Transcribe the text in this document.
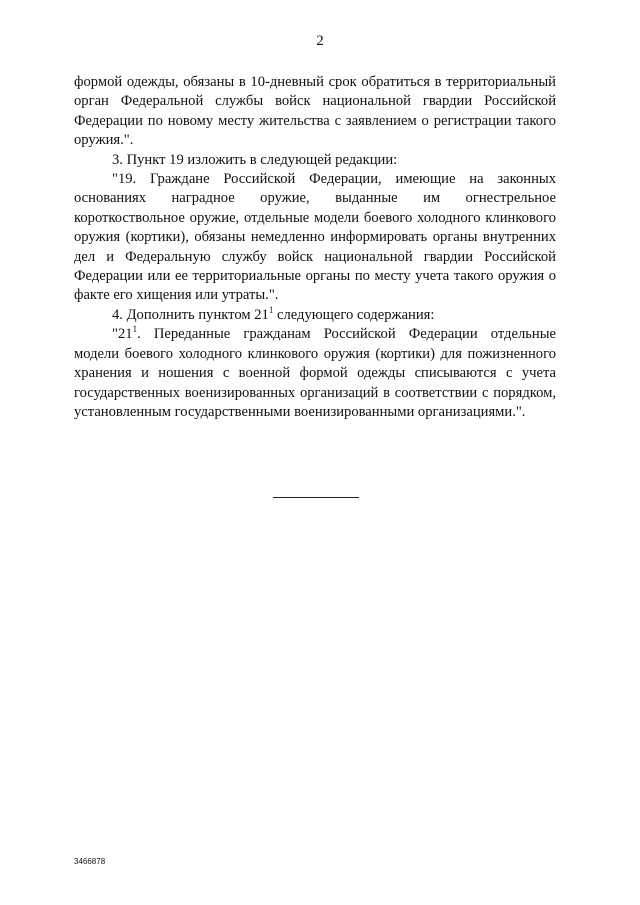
2

формой одежды, обязаны в 10-дневный срок обратиться в территориальный орган Федеральной службы войск национальной гвардии Российской Федерации по новому месту жительства с заявлением о регистрации такого оружия.".

3. Пункт 19 изложить в следующей редакции:

"19. Граждане Российской Федерации, имеющие на законных основаниях наградное оружие, выданные им огнестрельное короткоствольное оружие, отдельные модели боевого холодного клинкового оружия (кортики), обязаны немедленно информировать органы внутренних дел и Федеральную службу войск национальной гвардии Российской Федерации или ее территориальные органы по месту учета такого оружия о факте его хищения или утраты.".

4. Дополнить пунктом $21^1$ следующего содержания:

"$21^1$. Переданные гражданам Российской Федерации отдельные модели боевого холодного клинкового оружия (кортики) для пожизненного хранения и ношения с военной формой одежды списываются с учета государственных военизированных организаций в соответствии с порядком, установленным государственными военизированными организациями.".

3466878
